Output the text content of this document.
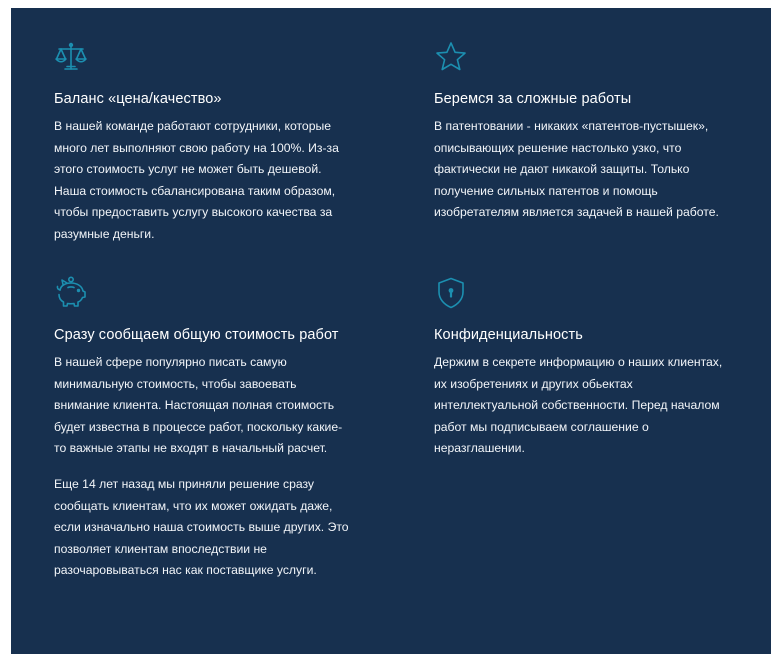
Баланс «цена/качество»

В нашей команде работают сотрудники, которые много лет выполняют свою работу на 100%. Из-за этого стоимость услуг не может быть дешевой. Наша стоимость сбалансирована таким образом, чтобы предоставить услугу высокого качества за разумные деньги.

Беремся за сложные работы

В патентовании - никаких «патентов-пустышек», описывающих решение настолько узко, что фактически не дают никакой защиты. Только получение сильных патентов и помощь изобретателям является задачей в нашей работе.

Сразу сообщаем общую стоимость работ

В нашей сфере популярно писать самую минимальную стоимость, чтобы завоевать внимание клиента. Настоящая полная стоимость будет известна в процессе работ, поскольку какие-то важные этапы не входят в начальный расчет.

Еще 14 лет назад мы приняли решение сразу сообщать клиентам, что их может ожидать даже, если изначально наша стоимость выше других. Это позволяет клиентам впоследствии не разочаровываться нас как поставщике услуги.

Конфиденциальность

Держим в секрете информацию о наших клиентах, их изобретениях и других обьектах интеллектуальной собственности. Перед началом работ мы подписываем соглашение о неразглашении.
